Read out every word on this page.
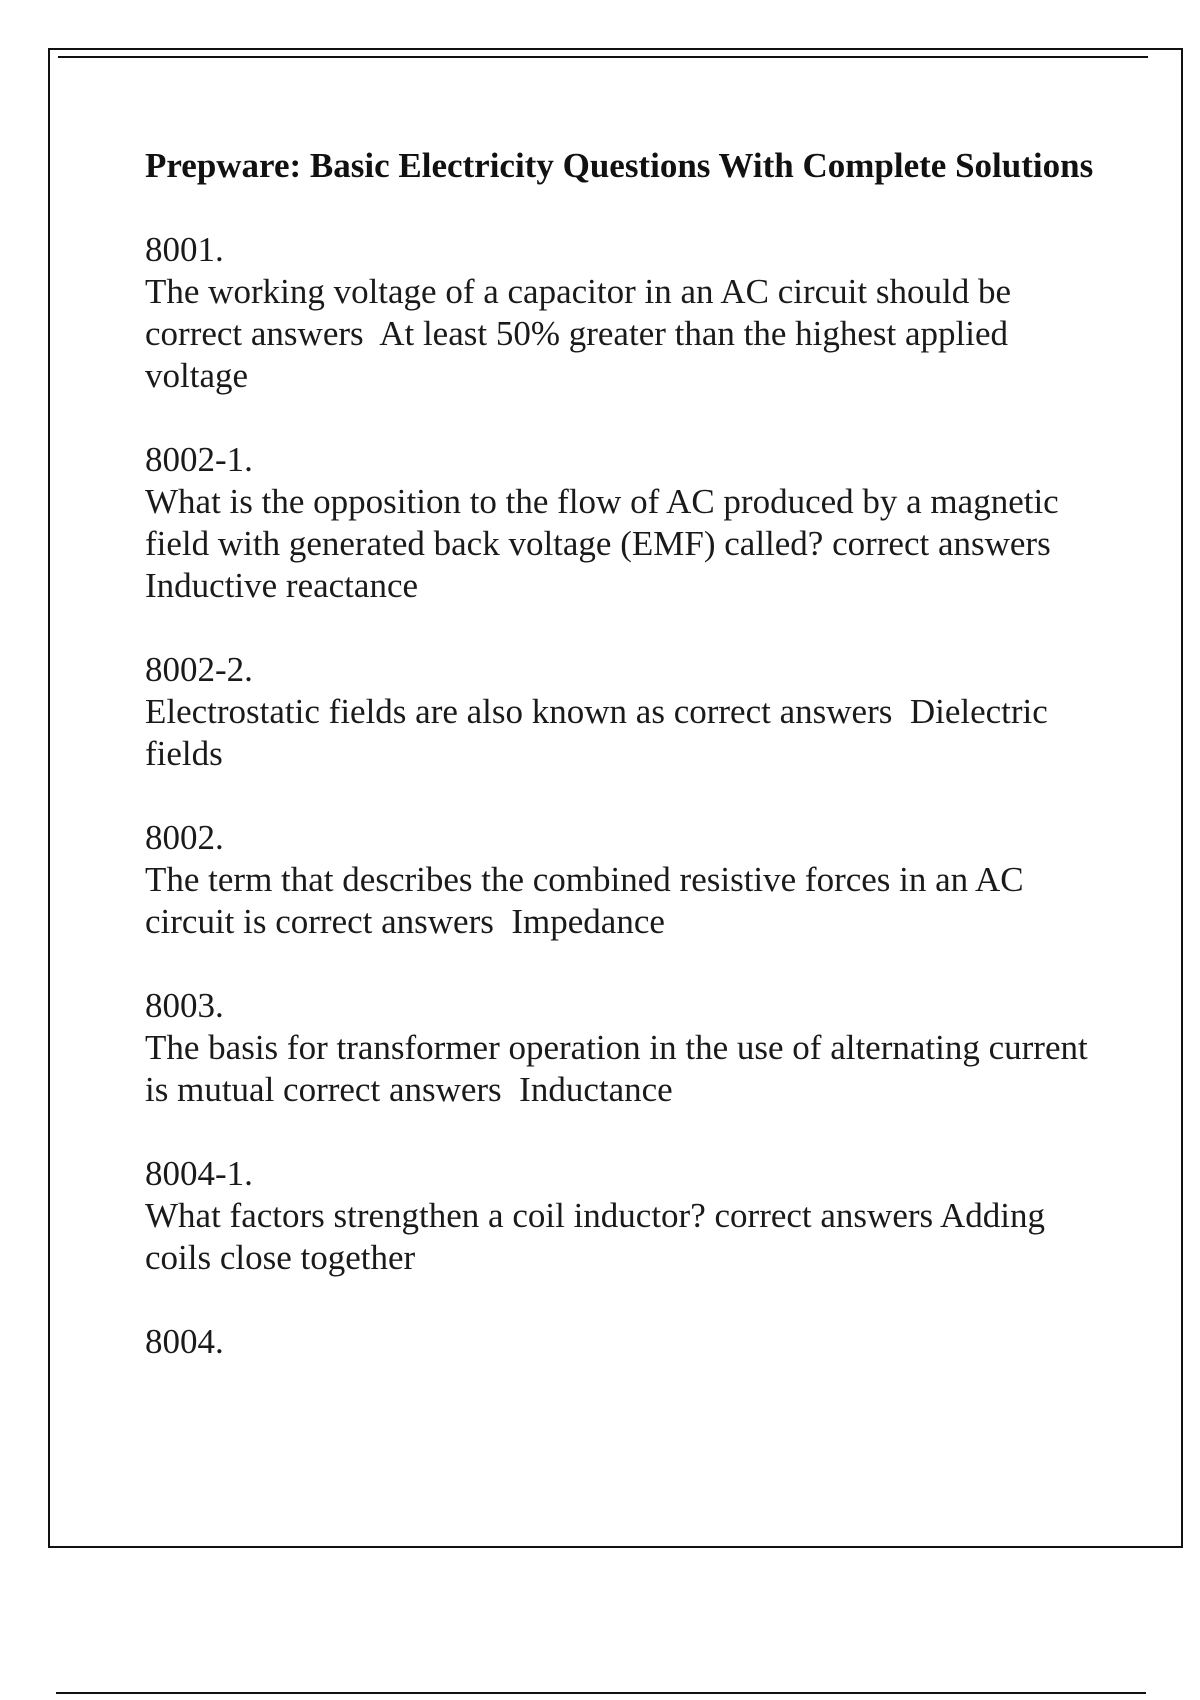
Prepware: Basic Electricity Questions With Complete Solutions
8001.
The working voltage of a capacitor in an AC circuit should be correct answers  At least 50% greater than the highest applied voltage
8002-1.
What is the opposition to the flow of AC produced by a magnetic field with generated back voltage (EMF) called? correct answers  Inductive reactance
8002-2.
Electrostatic fields are also known as correct answers  Dielectric fields
8002.
The term that describes the combined resistive forces in an AC circuit is correct answers  Impedance
8003.
The basis for transformer operation in the use of alternating current is mutual correct answers  Inductance
8004-1.
What factors strengthen a coil inductor? correct answers Adding coils close together
8004.
